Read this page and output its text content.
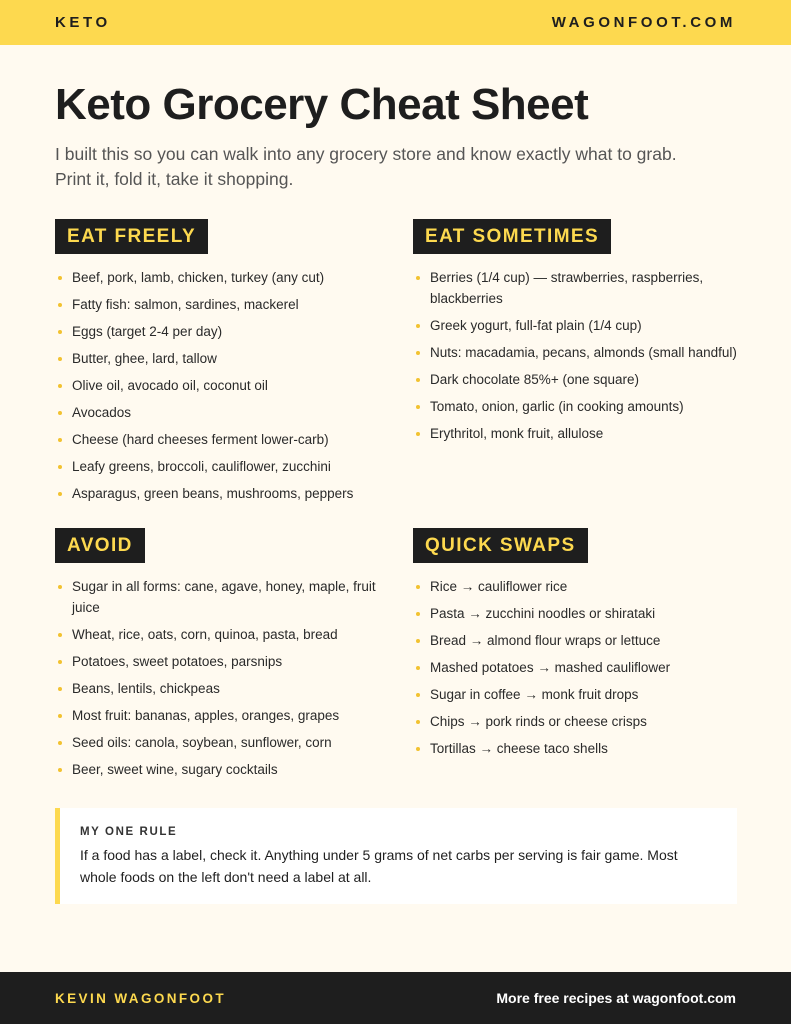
KETO	WAGONFOOT.COM
Keto Grocery Cheat Sheet

I built this so you can walk into any grocery store and know exactly what to grab. Print it, fold it, take it shopping.

EAT FREELY
Beef, pork, lamb, chicken, turkey (any cut)
Fatty fish: salmon, sardines, mackerel
Eggs (target 2-4 per day)
Butter, ghee, lard, tallow
Olive oil, avocado oil, coconut oil
Avocados
Cheese (hard cheeses ferment lower-carb)
Leafy greens, broccoli, cauliflower, zucchini
Asparagus, green beans, mushrooms, peppers
EAT SOMETIMES
Berries (1/4 cup) — strawberries, raspberries, blackberries
Greek yogurt, full-fat plain (1/4 cup)
Nuts: macadamia, pecans, almonds (small handful)
Dark chocolate 85%+ (one square)
Tomato, onion, garlic (in cooking amounts)
Erythritol, monk fruit, allulose
AVOID
Sugar in all forms: cane, agave, honey, maple, fruit juice
Wheat, rice, oats, corn, quinoa, pasta, bread
Potatoes, sweet potatoes, parsnips
Beans, lentils, chickpeas
Most fruit: bananas, apples, oranges, grapes
Seed oils: canola, soybean, sunflower, corn
Beer, sweet wine, sugary cocktails
QUICK SWAPS
Rice → cauliflower rice
Pasta → zucchini noodles or shirataki
Bread → almond flour wraps or lettuce
Mashed potatoes → mashed cauliflower
Sugar in coffee → monk fruit drops
Chips → pork rinds or cheese crisps
Tortillas → cheese taco shells

MY ONE RULE

If a food has a label, check it. Anything under 5 grams of net carbs per serving is fair game. Most whole foods on the left don't need a label at all.

KEVIN WAGONFOOT	More free recipes at wagonfoot.com
